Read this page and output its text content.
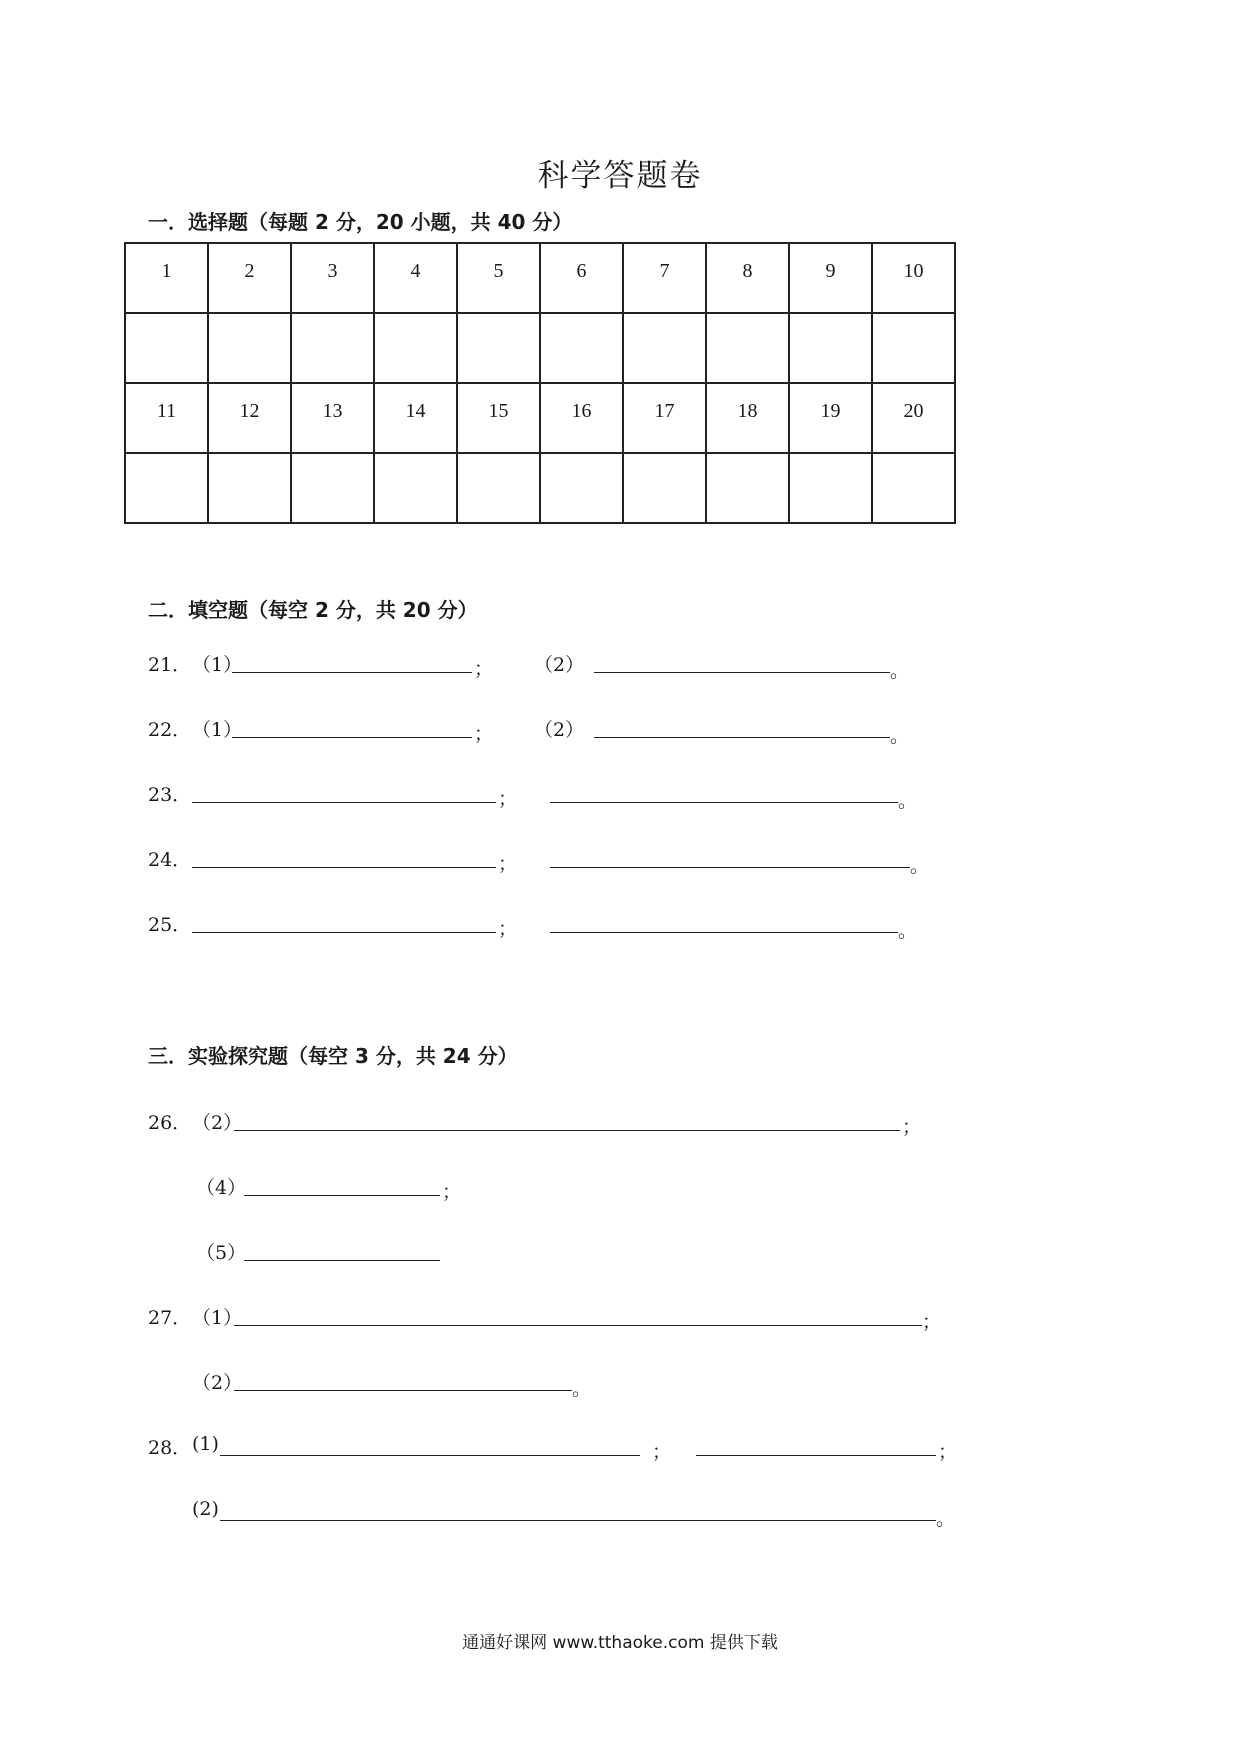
科学答题卷
一．选择题（每题 2 分，20 小题，共 40 分）
1	2	3	4	5	6	7	8	9	10

11	12	13	14	15	16	17	18	19	20

二．填空题（每空 2 分，共 20 分）
21． （1）	； （2）	。
22． （1）	； （2）	。
23．	；	。
24．	；	。
25．	；	。
三．实验探究题（每空 3 分，共 24 分）
26． （2）	；
（4）	；
（5）
27． （1）	；
（2）	。
28． (1)	；	；
(2)	。
通通好课网 www.tthaoke.com 提供下载
